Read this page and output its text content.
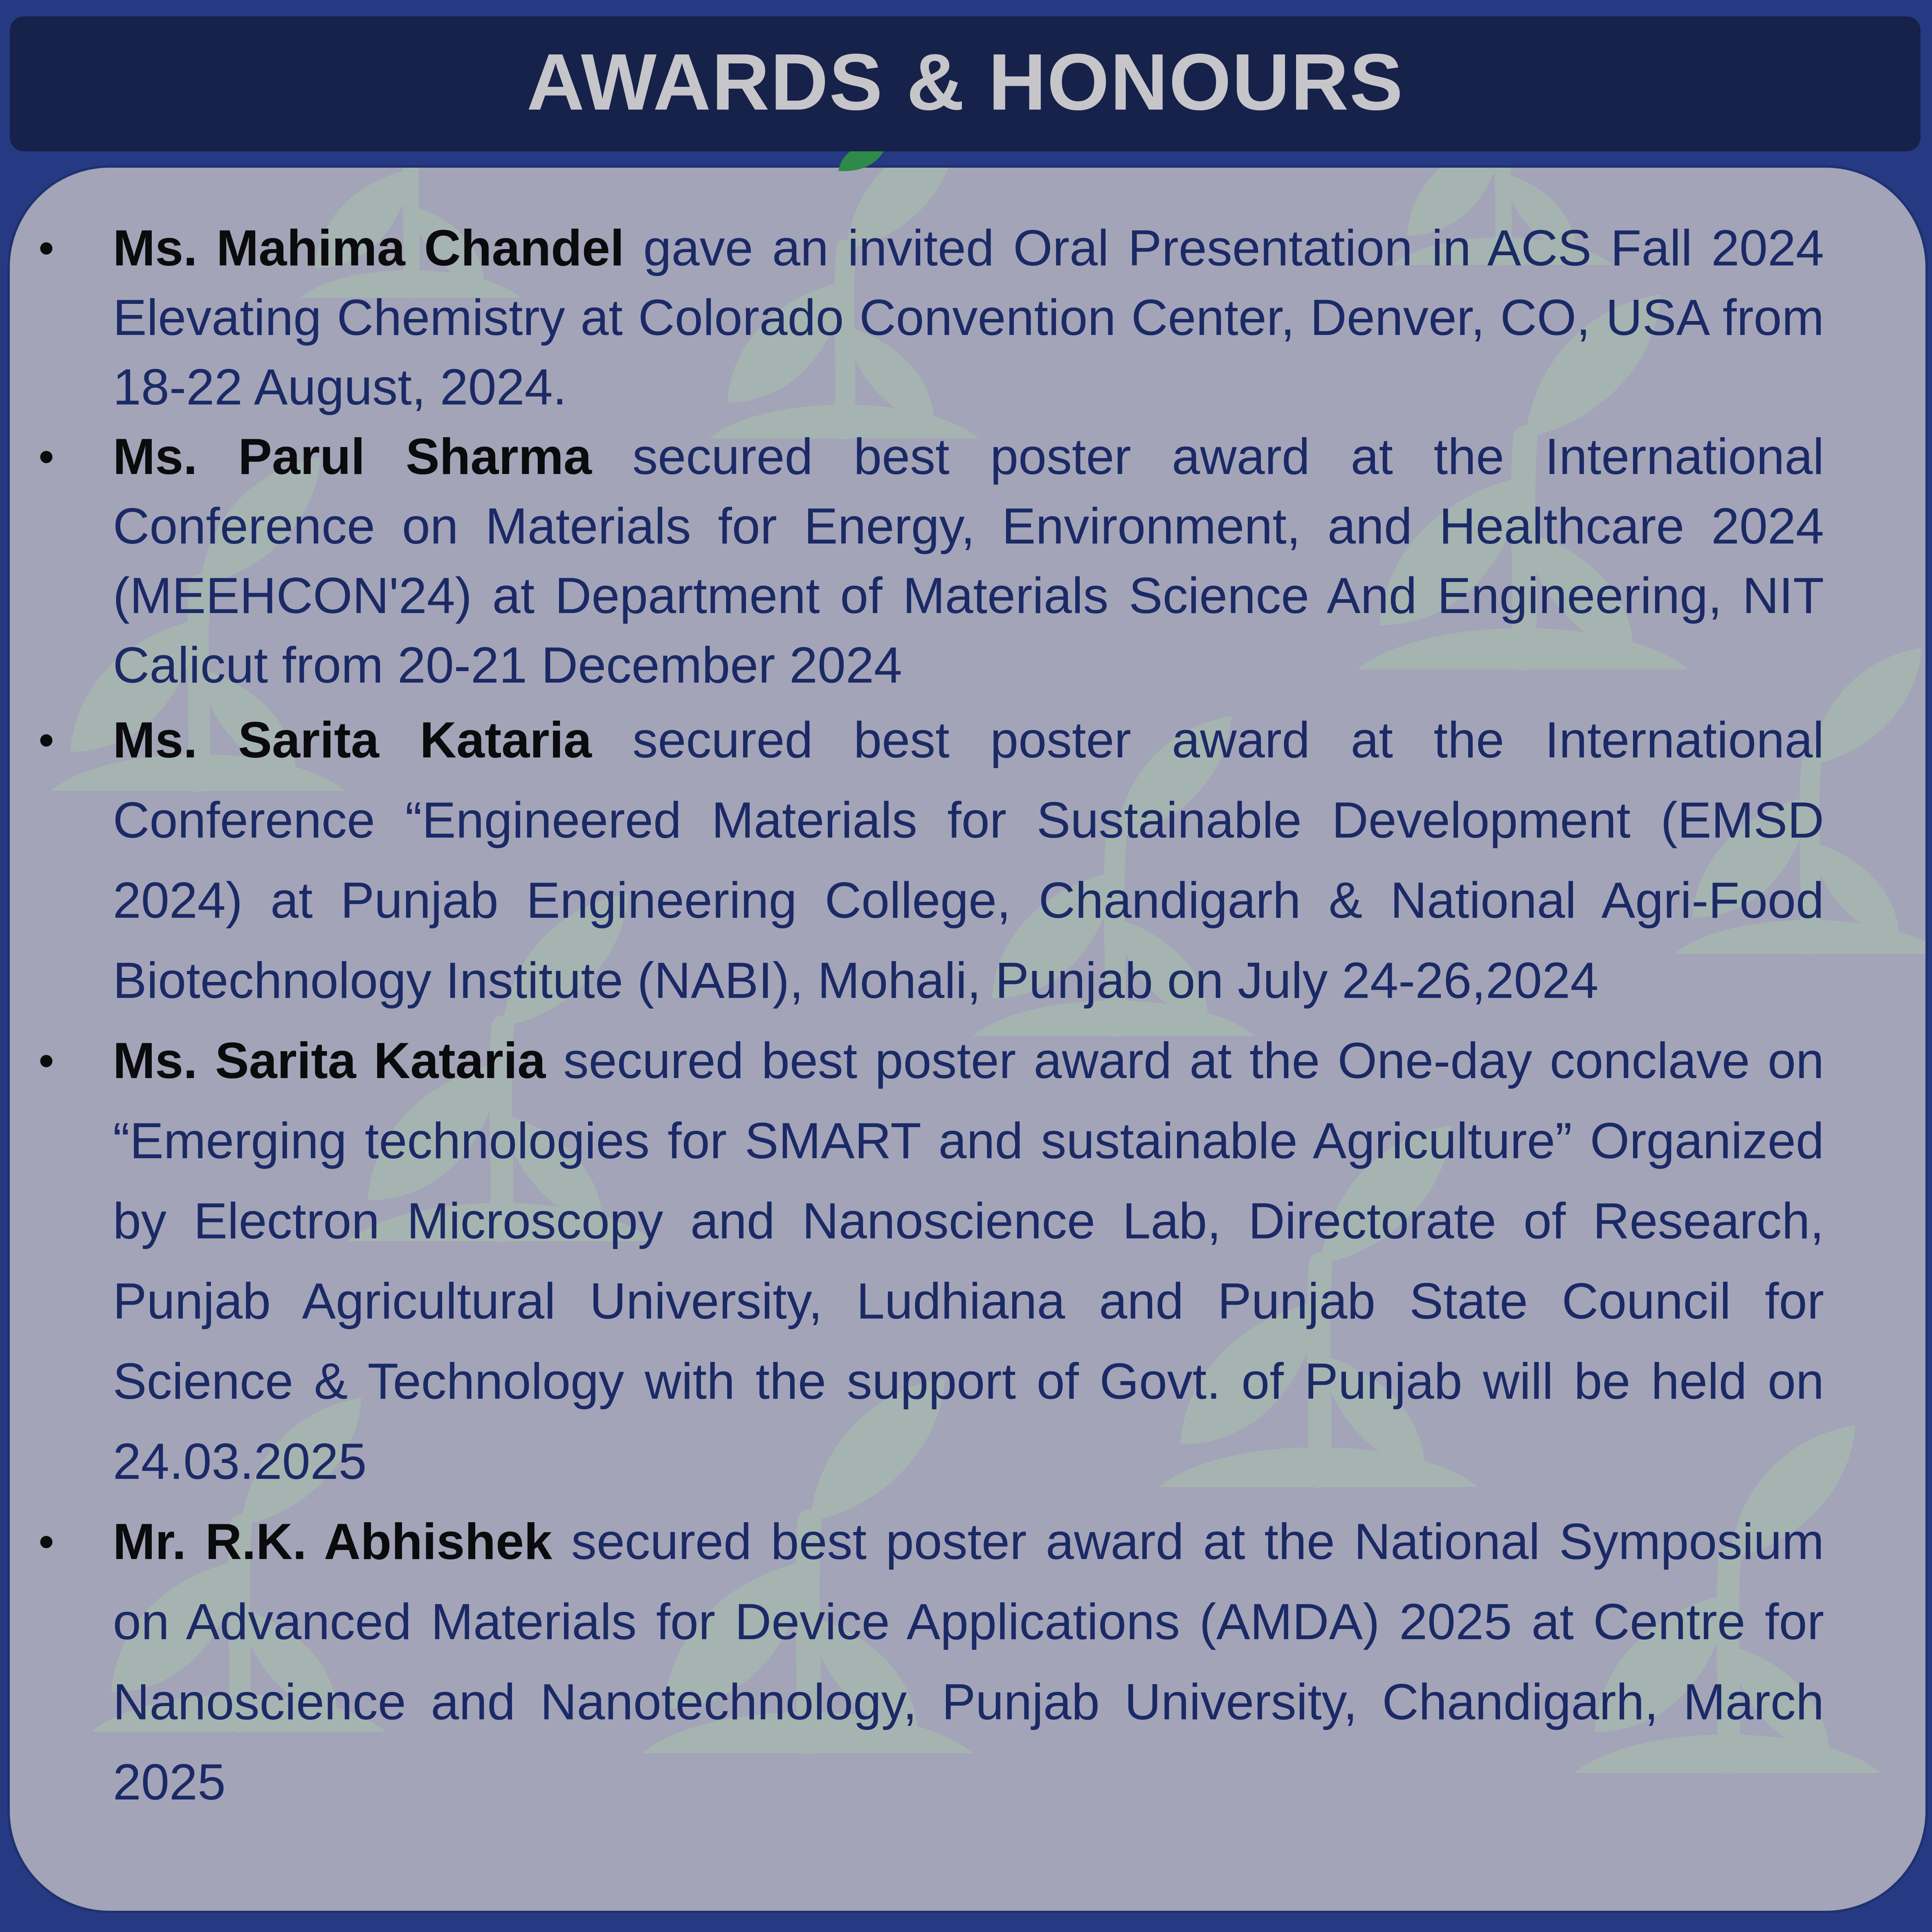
AWARDS & HONOURS
• Ms. Mahima Chandel gave an invited Oral Presentation in ACS Fall 2024 Elevating Chemistry at Colorado Convention Center, Denver, CO, USA from 18-22 August, 2024.
• Ms. Parul Sharma secured best poster award at the International Conference on Materials for Energy, Environment, and Healthcare 2024 (MEEHCON'24) at Department of Materials Science And Engineering, NIT Calicut from 20-21 December 2024
• Ms. Sarita Kataria secured best poster award at the International Conference “Engineered Materials for Sustainable Development (EMSD 2024) at Punjab Engineering College, Chandigarh & National Agri-Food Biotechnology Institute (NABI), Mohali, Punjab on July 24-26,2024
• Ms. Sarita Kataria secured best poster award at the One-day conclave on “Emerging technologies for SMART and sustainable Agriculture” Organized by Electron Microscopy and Nanoscience Lab, Directorate of Research, Punjab Agricultural University, Ludhiana and Punjab State Council for Science & Technology with the support of Govt. of Punjab will be held on 24.03.2025
• Mr. R.K. Abhishek secured best poster award at the National Symposium on Advanced Materials for Device Applications (AMDA) 2025 at Centre for Nanoscience and Nanotechnology, Punjab University, Chandigarh, March 2025
